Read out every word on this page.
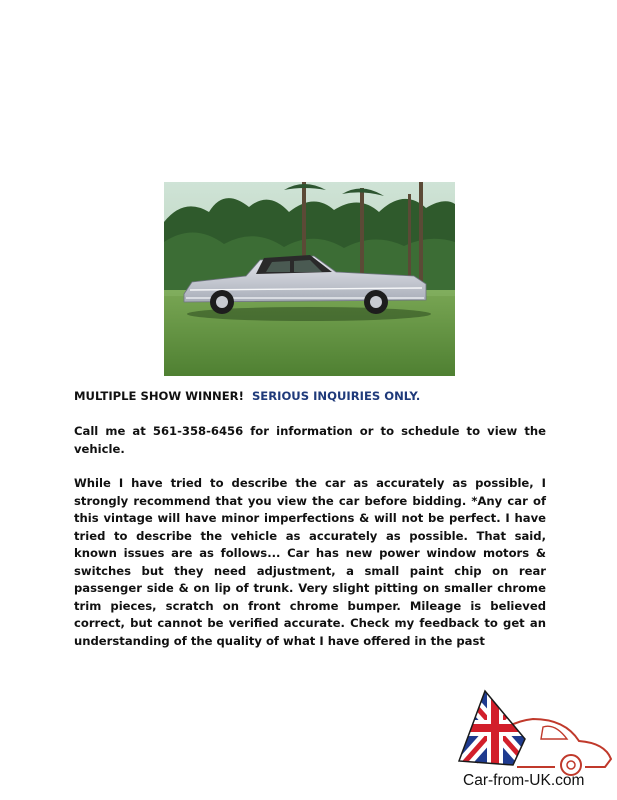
MULTIPLE SHOW WINNER! SERIOUS INQUIRIES ONLY.

Call me at 561-358-6456 for information or to schedule to view the vehicle.

While I have tried to describe the car as accurately as possible, I strongly recommend that you view the car before bidding. *Any car of this vintage will have minor imperfections & will not be perfect. I have tried to describe the vehicle as accurately as possible. That said, known issues are as follows... Car has new power window motors & switches but they need adjustment, a small paint chip on rear passenger side & on lip of trunk. Very slight pitting on smaller chrome trim pieces, scratch on front chrome bumper. Mileage is believed correct, but cannot be verified accurate. Check my feedback to get an understanding of the quality of what I have offered in the past

Car-from-UK.com
